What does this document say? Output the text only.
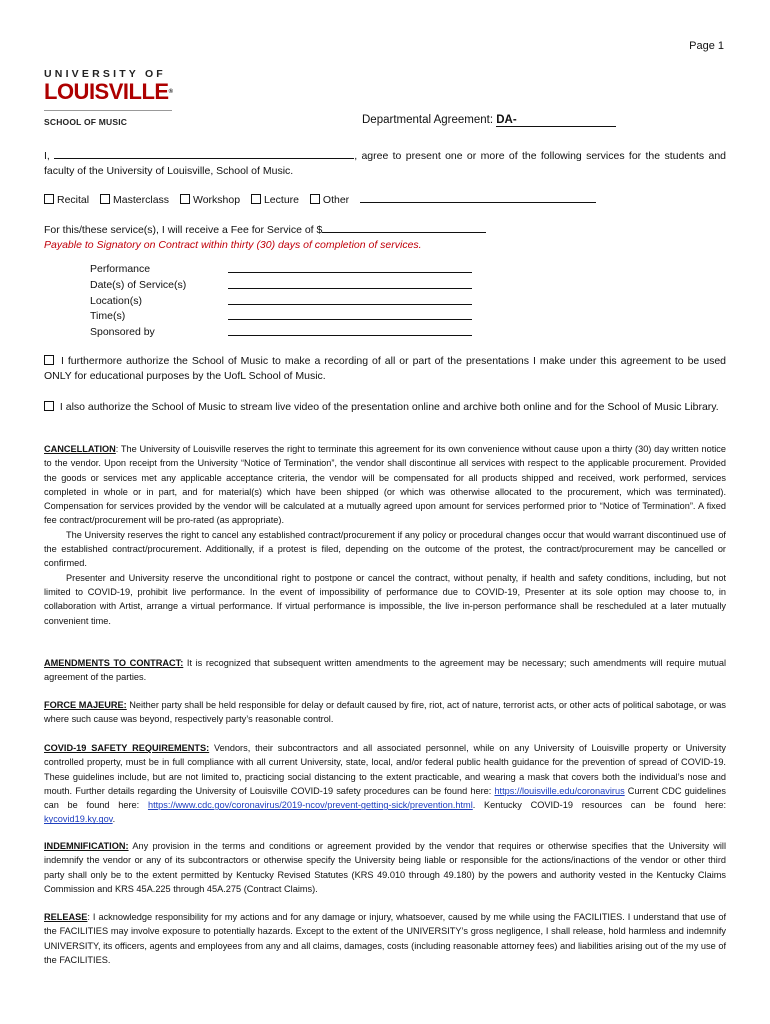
Page 1
UNIVERSITY OF
LOUISVILLE®
SCHOOL OF MUSIC	Departmental Agreement: DA-
I,	, agree to present one or more of the following services for the students and faculty of the University of Louisville, School of Music.
Recital Masterclass Workshop Lecture Other
For this/these service(s), I will receive a Fee for Service of $
Payable to Signatory on Contract within thirty (30) days of completion of services.
Performance
Date(s) of Service(s)
Location(s)
Time(s)
Sponsored by
I furthermore authorize the School of Music to make a recording of all or part of the presentations I make under this agreement to be used ONLY for educational purposes by the UofL School of Music.
I also authorize the School of Music to stream live video of the presentation online and archive both online and for the School of Music Library.

CANCELLATION: The University of Louisville reserves the right to terminate this agreement for its own convenience without cause upon a thirty (30) day written notice to the vendor. Upon receipt from the University “Notice of Termination”, the vendor shall discontinue all services with respect to the applicable procurement. Provided the goods or services met any applicable acceptance criteria, the vendor will be compensated for all products shipped and received, work performed, services completed in whole or in part, and for material(s) which have been shipped (or which was otherwise allocated to the procurement, which was terminated). Compensation for services provided by the vendor will be calculated at a mutually agreed upon amount for services performed prior to “Notice of Termination”. A fixed fee contract/procurement will be pro-rated (as appropriate).

The University reserves the right to cancel any established contract/procurement if any policy or procedural changes occur that would warrant discontinued use of the established contract/procurement. Additionally, if a protest is filed, depending on the outcome of the protest, the contract/procurement may be cancelled or confirmed.

Presenter and University reserve the unconditional right to postpone or cancel the contract, without penalty, if health and safety conditions, including, but not limited to COVID-19, prohibit live performance. In the event of impossibility of performance due to COVID-19, Presenter at its sole option may choose to, in collaboration with Artist, arrange a virtual performance. If virtual performance is impossible, the live in-person performance shall be rescheduled at a later mutually convenient time.

AMENDMENTS TO CONTRACT: It is recognized that subsequent written amendments to the agreement may be necessary; such amendments will require mutual agreement of the parties.
FORCE MAJEURE: Neither party shall be held responsible for delay or default caused by fire, riot, act of nature, terrorist acts, or other acts of political sabotage, or was where such cause was beyond, respectively party’s reasonable control.
COVID-19 SAFETY REQUIREMENTS: Vendors, their subcontractors and all associated personnel, while on any University of Louisville property or University controlled property, must be in full compliance with all current University, state, local, and/or federal public health guidance for the prevention of spread of COVID-19. These guidelines include, but are not limited to, practicing social distancing to the extent practicable, and wearing a mask that covers both the individual’s nose and mouth. Further details regarding the University of Louisville COVID-19 safety procedures can be found here: https://louisville.edu/coronavirus Current CDC guidelines can be found here: https://www.cdc.gov/coronavirus/2019-ncov/prevent-getting-sick/prevention.html. Kentucky COVID-19 resources can be found here: kycovid19.ky.gov.
INDEMNIFICATION: Any provision in the terms and conditions or agreement provided by the vendor that requires or otherwise specifies that the University will indemnify the vendor or any of its subcontractors or otherwise specify the University being liable or responsible for the actions/inactions of the vendor or other third party shall only be to the extent permitted by Kentucky Revised Statutes (KRS 49.010 through 49.180) by the powers and authority vested in the Kentucky Claims Commission and KRS 45A.225 through 45A.275 (Contract Claims).
RELEASE: I acknowledge responsibility for my actions and for any damage or injury, whatsoever, caused by me while using the FACILITIES. I understand that use of the FACILITIES may involve exposure to potentially hazards. Except to the extent of the UNIVERSITY’s gross negligence, I shall release, hold harmless and indemnify UNIVERSITY, its officers, agents and employees from any and all claims, damages, costs (including reasonable attorney fees) and liabilities arising out of the my use of the FACILITIES.
